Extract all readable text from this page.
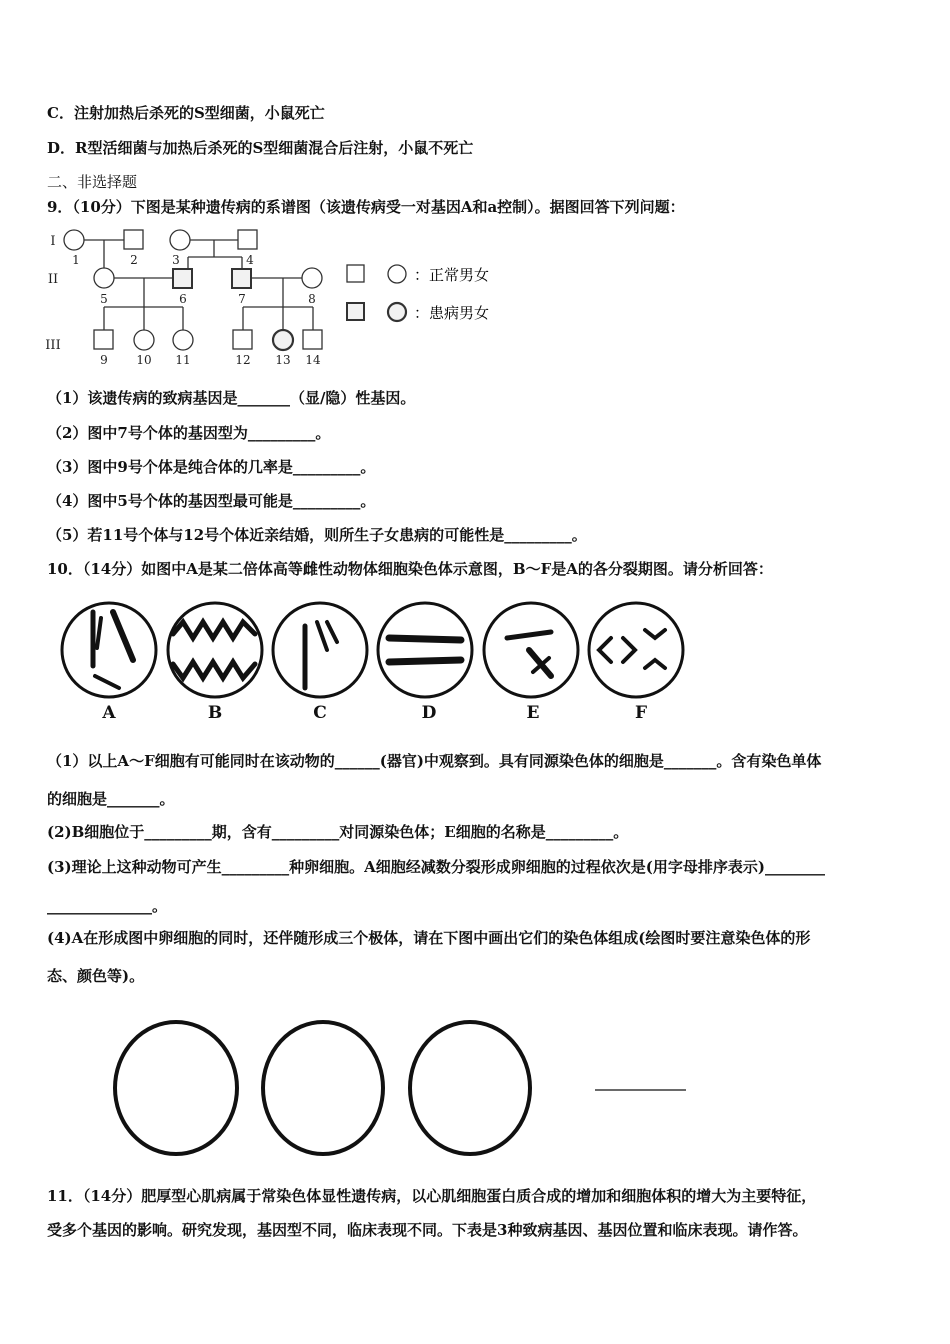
C．注射加热后杀死的S型细菌，小鼠死亡
D．R型活细菌与加热后杀死的S型细菌混合后注射，小鼠不死亡
二、非选择题
9．（10分）下图是某种遗传病的系谱图（该遗传病受一对基因A和a控制）。据图回答下列问题：
I
II
III
1	2	3	4
5	6	7	8
9 10 11	12 13 14
：正常男女
：患病男女
（1）该遗传病的致病基因是_______（显/隐）性基因。
（2）图中7号个体的基因型为_________。
（3）图中9号个体是纯合体的几率是_________。
（4）图中5号个体的基因型最可能是_________。
（5）若11号个体与12号个体近亲结婚，则所生子女患病的可能性是_________。
10．（14分）如图中A是某二倍体高等雌性动物体细胞染色体示意图，B～F是A的各分裂期图。请分析回答：
A	B	C	D	E	F
（1）以上A～F细胞有可能同时在该动物的______(器官)中观察到。具有同源染色体的细胞是_______。含有染色单体
的细胞是_______。
(2)B细胞位于_________期，含有_________对同源染色体；E细胞的名称是_________。
(3)理论上这种动物可产生_________种卵细胞。A细胞经减数分裂形成卵细胞的过程依次是(用字母排序表示)________
______________。
(4)A在形成图中卵细胞的同时，还伴随形成三个极体，请在下图中画出它们的染色体组成(绘图时要注意染色体的形
态、颜色等)。
11．（14分）肥厚型心肌病属于常染色体显性遗传病，以心肌细胞蛋白质合成的增加和细胞体积的增大为主要特征，
受多个基因的影响。研究发现，基因型不同，临床表现不同。下表是3种致病基因、基因位置和临床表现。请作答。
